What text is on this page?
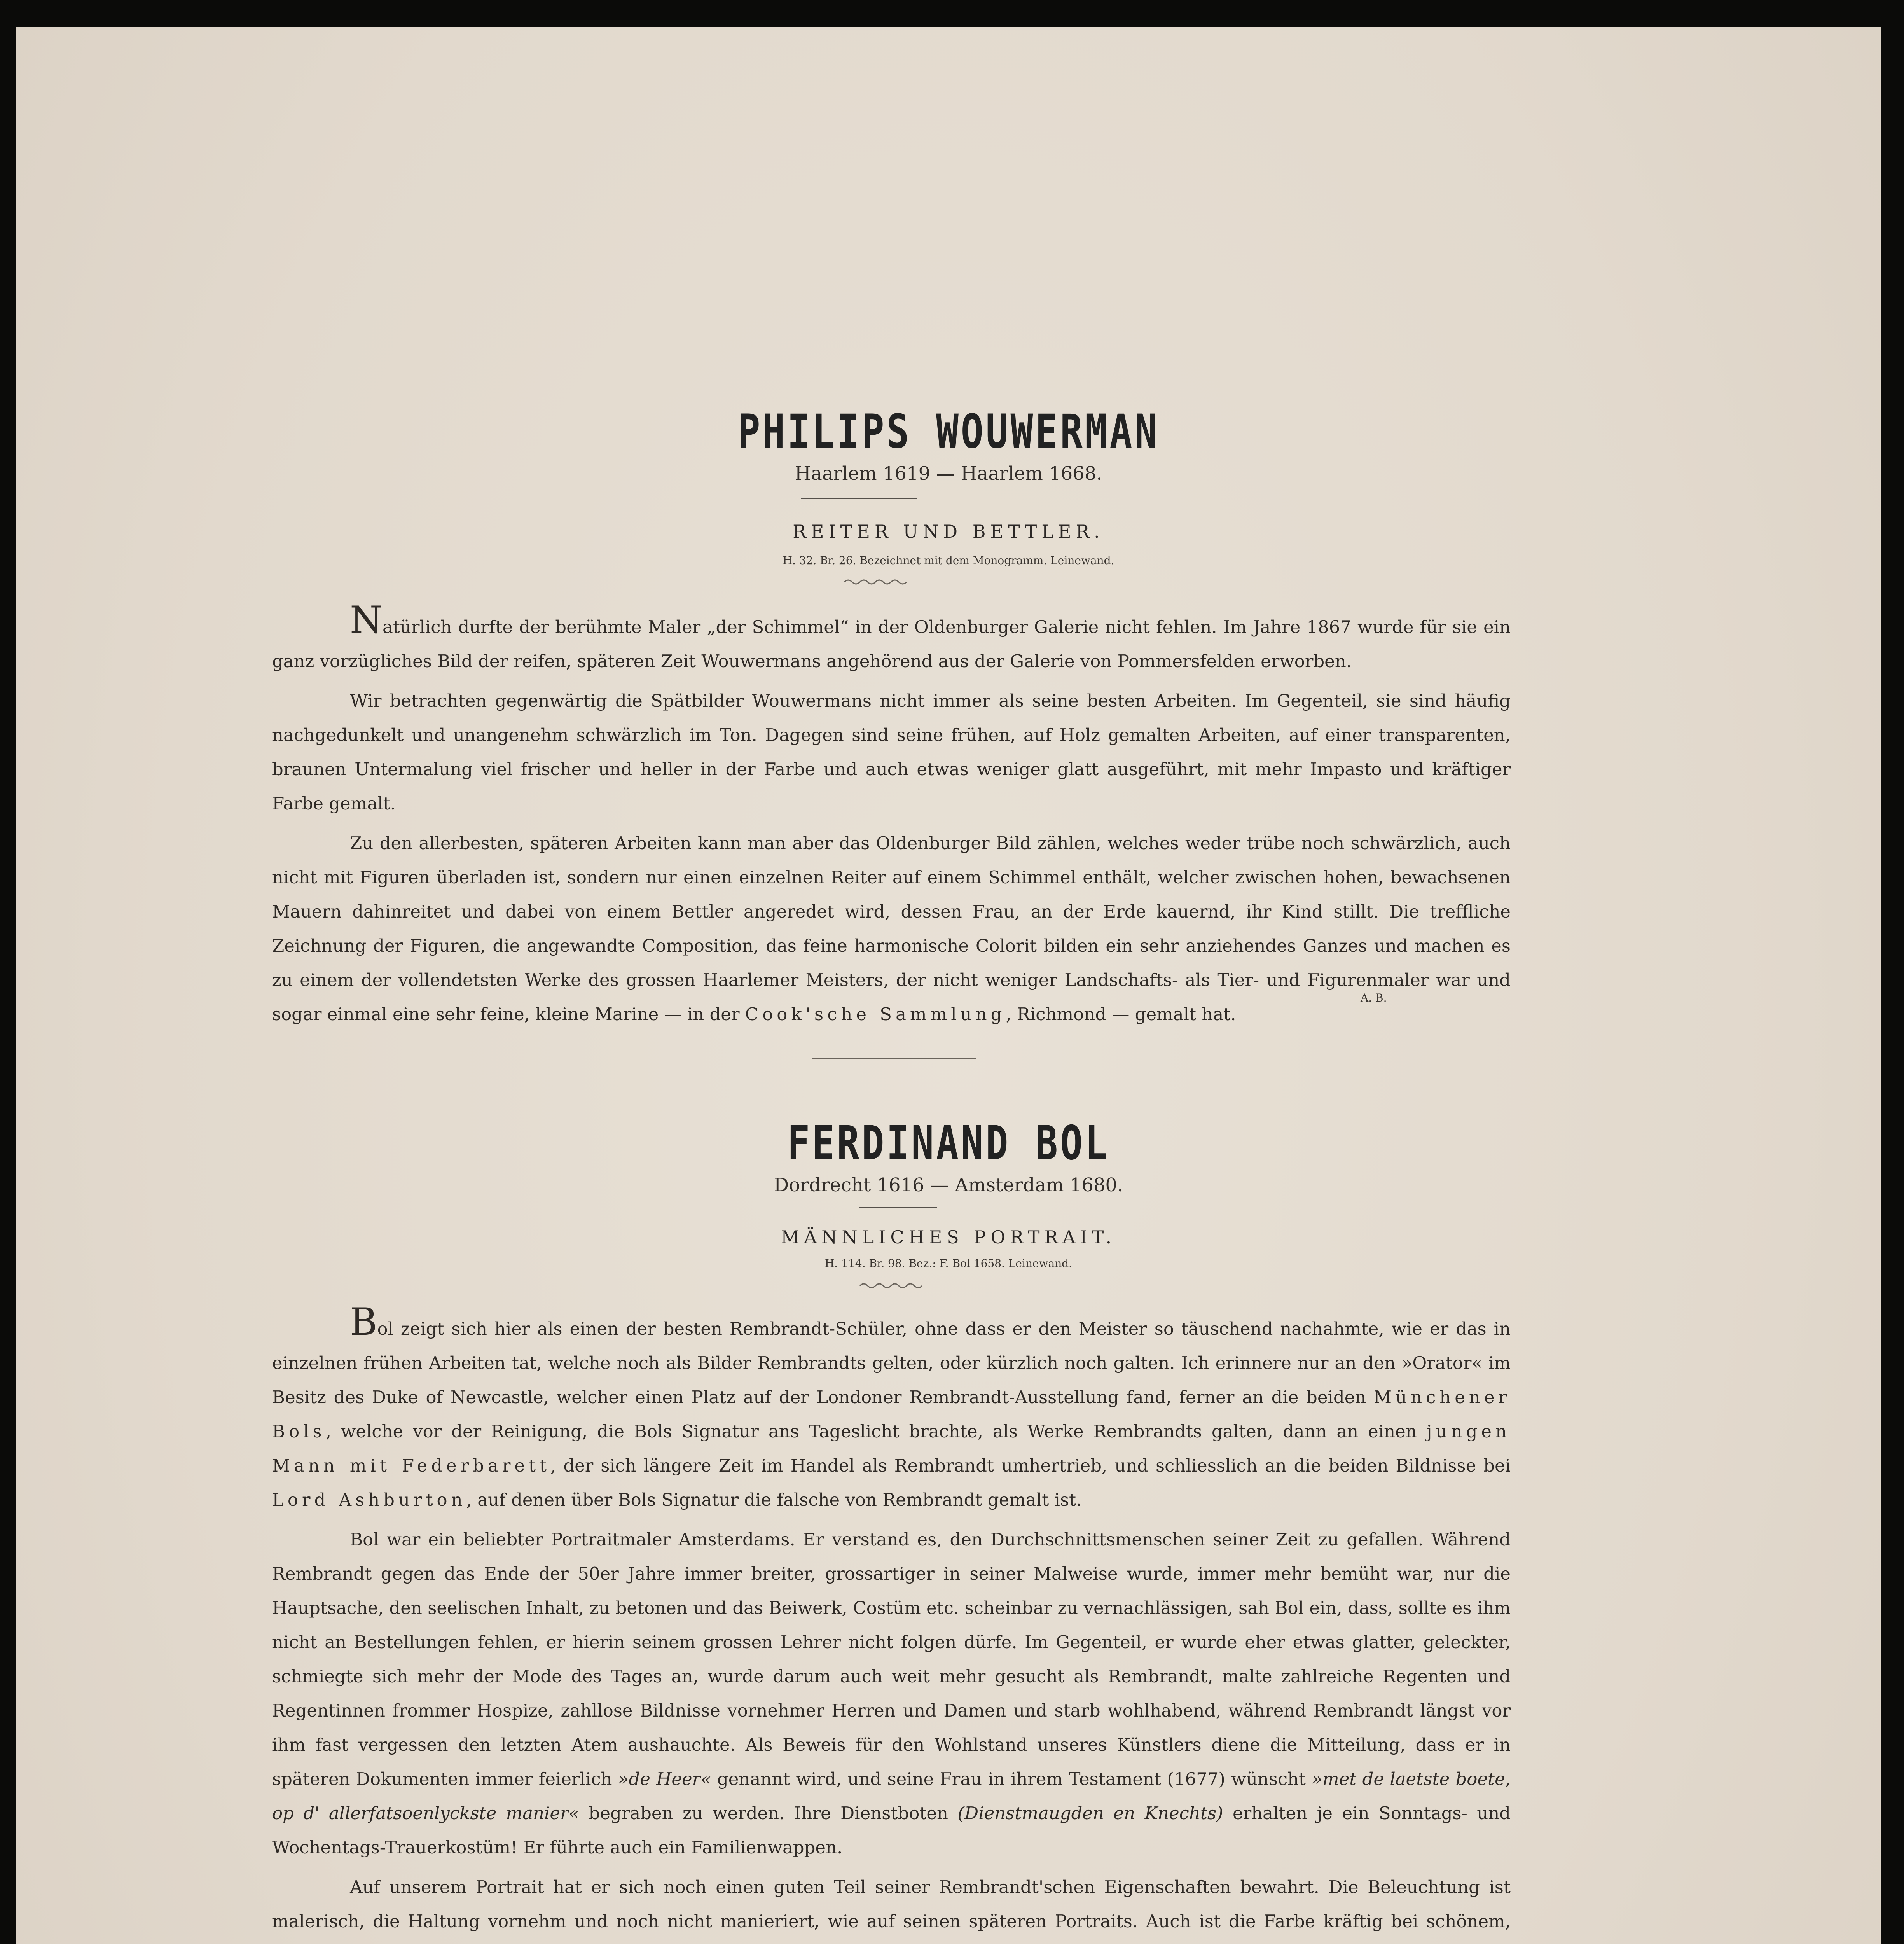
PHILIPS WOUWERMAN
Haarlem 1619 — Haarlem 1668.
REITER UND BETTLER.
H. 32. Br. 26. Bezeichnet mit dem Monogramm. Leinewand.

Natürlich durfte der berühmte Maler „der Schimmel“ in der Oldenburger Galerie nicht fehlen. Im Jahre 1867 wurde für sie ein ganz vorzügliches Bild der reifen, späteren Zeit Wouwermans angehörend aus der Galerie von Pommersfelden erworben.

Wir betrachten gegenwärtig die Spätbilder Wouwermans nicht immer als seine besten Arbeiten. Im Gegenteil, sie sind häufig nachgedunkelt und unangenehm schwärzlich im Ton. Dagegen sind seine frühen, auf Holz gemalten Arbeiten, auf einer transparenten, braunen Untermalung viel frischer und heller in der Farbe und auch etwas weniger glatt ausgeführt, mit mehr Impasto und kräftiger Farbe gemalt.

Zu den allerbesten, späteren Arbeiten kann man aber das Oldenburger Bild zählen, welches weder trübe noch schwärzlich, auch nicht mit Figuren überladen ist, sondern nur einen einzelnen Reiter auf einem Schimmel enthält, welcher zwischen hohen, bewachsenen Mauern dahinreitet und dabei von einem Bettler angeredet wird, dessen Frau, an der Erde kauernd, ihr Kind stillt. Die treffliche Zeichnung der Figuren, die angewandte Composition, das feine harmonische Colorit bilden ein sehr anziehendes Ganzes und machen es zu einem der vollendetsten Werke des grossen Haarlemer Meisters, der nicht weniger Landschafts- als Tier- und Figurenmaler war und sogar einmal eine sehr feine, kleine Marine — in der Cook'sche Sammlung, Richmond — gemalt hat.

A. B.
FERDINAND BOL
Dordrecht 1616 — Amsterdam 1680.
MÄNNLICHES PORTRAIT.
H. 114. Br. 98. Bez.: F. Bol 1658. Leinewand.

Bol zeigt sich hier als einen der besten Rembrandt-Schüler, ohne dass er den Meister so täuschend nachahmte, wie er das in einzelnen frühen Arbeiten tat, welche noch als Bilder Rembrandts gelten, oder kürzlich noch galten. Ich erinnere nur an den »Orator« im Besitz des Duke of Newcastle, welcher einen Platz auf der Londoner Rembrandt-Ausstellung fand, ferner an die beiden Münchener Bols, welche vor der Reinigung, die Bols Signatur ans Tageslicht brachte, als Werke Rembrandts galten, dann an einen jungen Mann mit Federbarett, der sich längere Zeit im Handel als Rembrandt umhertrieb, und schliesslich an die beiden Bildnisse bei Lord Ashburton, auf denen über Bols Signatur die falsche von Rembrandt gemalt ist.

Bol war ein beliebter Portraitmaler Amsterdams. Er verstand es, den Durchschnittsmenschen seiner Zeit zu gefallen. Während Rembrandt gegen das Ende der 50er Jahre immer breiter, grossartiger in seiner Malweise wurde, immer mehr bemüht war, nur die Hauptsache, den seelischen Inhalt, zu betonen und das Beiwerk, Costüm etc. scheinbar zu vernachlässigen, sah Bol ein, dass, sollte es ihm nicht an Bestellungen fehlen, er hierin seinem grossen Lehrer nicht folgen dürfe. Im Gegenteil, er wurde eher etwas glatter, geleckter, schmiegte sich mehr der Mode des Tages an, wurde darum auch weit mehr gesucht als Rembrandt, malte zahlreiche Regenten und Regentinnen frommer Hospize, zahllose Bildnisse vornehmer Herren und Damen und starb wohlhabend, während Rembrandt längst vor ihm fast vergessen den letzten Atem aushauchte. Als Beweis für den Wohlstand unseres Künstlers diene die Mitteilung, dass er in späteren Dokumenten immer feierlich »de Heer« genannt wird, und seine Frau in ihrem Testament (1677) wünscht »met de laetste boete, op d' allerfatsoenlyckste manier« begraben zu werden. Ihre Dienstboten (Dienstmaugden en Knechts) erhalten je ein Sonntags- und Wochentags-Trauerkostüm! Er führte auch ein Familienwappen.

Auf unserem Portrait hat er sich noch einen guten Teil seiner Rembrandt'schen Eigenschaften bewahrt. Die Beleuchtung ist malerisch, die Haltung vornehm und noch nicht manieriert, wie auf seinen späteren Portraits. Auch ist die Farbe kräftig bei schönem,
